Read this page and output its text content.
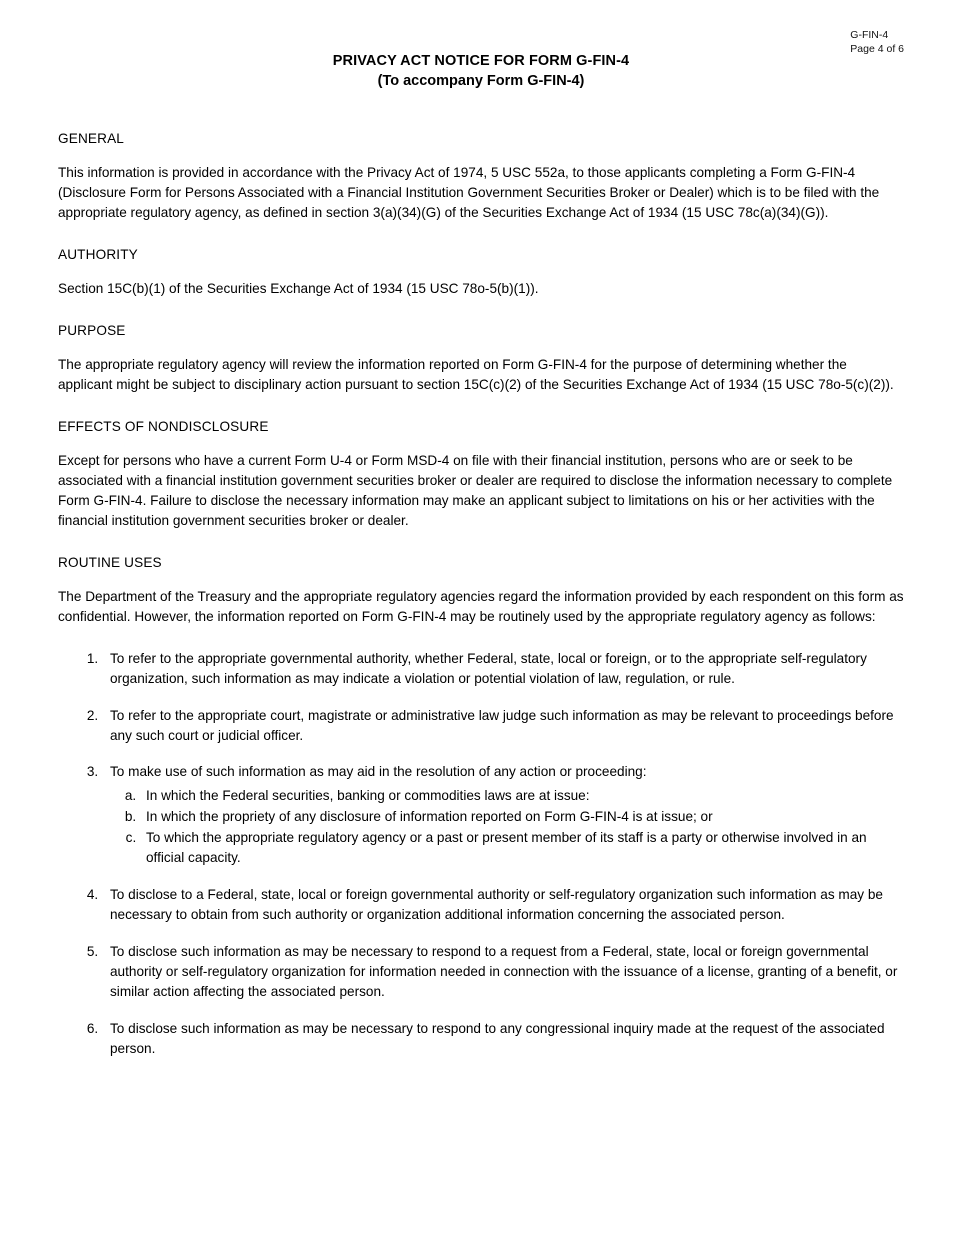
G-FIN-4
Page 4 of 6
PRIVACY ACT NOTICE FOR FORM G-FIN-4
(To accompany Form G-FIN-4)
GENERAL

This information is provided in accordance with the Privacy Act of 1974, 5 USC 552a, to those applicants completing a Form G-FIN-4 (Disclosure Form for Persons Associated with a Financial Institution Government Securities Broker or Dealer) which is to be filed with the appropriate regulatory agency, as defined in section 3(a)(34)(G) of the Securities Exchange Act of 1934 (15 USC 78c(a)(34)(G)).

AUTHORITY

Section 15C(b)(1) of the Securities Exchange Act of 1934 (15 USC 78o-5(b)(1)).

PURPOSE

The appropriate regulatory agency will review the information reported on Form G-FIN-4 for the purpose of determining whether the applicant might be subject to disciplinary action pursuant to section 15C(c)(2) of the Securities Exchange Act of 1934 (15 USC 78o-5(c)(2)).

EFFECTS OF NONDISCLOSURE

Except for persons who have a current Form U-4 or Form MSD-4 on file with their financial institution, persons who are or seek to be associated with a financial institution government securities broker or dealer are required to disclose the information necessary to complete Form G-FIN-4. Failure to disclose the necessary information may make an applicant subject to limitations on his or her activities with the financial institution government securities broker or dealer.

ROUTINE USES

The Department of the Treasury and the appropriate regulatory agencies regard the information provided by each respondent on this form as confidential. However, the information reported on Form G-FIN-4 may be routinely used by the appropriate regulatory agency as follows:

1. To refer to the appropriate governmental authority, whether Federal, state, local or foreign, or to the appropriate self-regulatory organization, such information as may indicate a violation or potential violation of law, regulation, or rule.
2. To refer to the appropriate court, magistrate or administrative law judge such information as may be relevant to proceedings before any such court or judicial officer.
3. To make use of such information as may aid in the resolution of any action or proceeding:
a. In which the Federal securities, banking or commodities laws are at issue:
b. In which the propriety of any disclosure of information reported on Form G-FIN-4 is at issue; or
c. To which the appropriate regulatory agency or a past or present member of its staff is a party or otherwise involved in an official capacity.
4. To disclose to a Federal, state, local or foreign governmental authority or self-regulatory organization such information as may be necessary to obtain from such authority or organization additional information concerning the associated person.
5. To disclose such information as may be necessary to respond to a request from a Federal, state, local or foreign governmental authority or self-regulatory organization for information needed in connection with the issuance of a license, granting of a benefit, or similar action affecting the associated person.
6. To disclose such information as may be necessary to respond to any congressional inquiry made at the request of the associated person.
